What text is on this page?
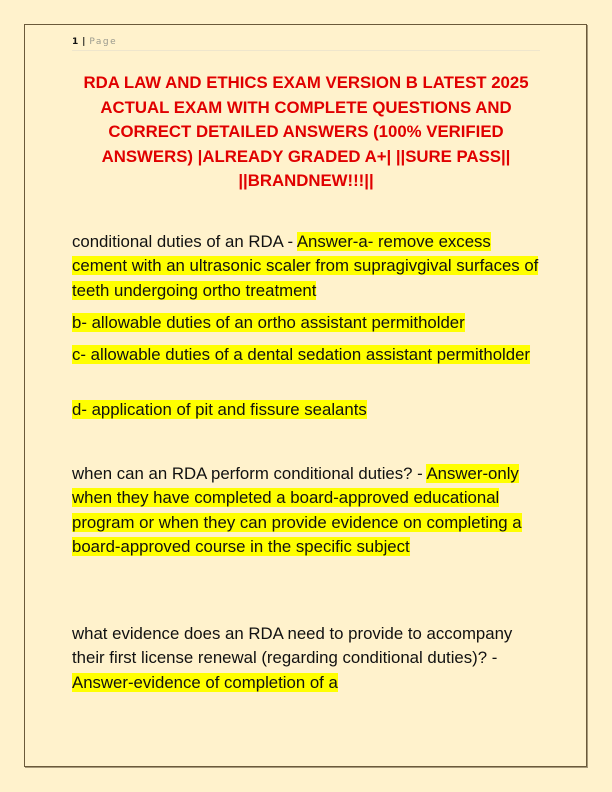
1 | Page
RDA LAW AND ETHICS EXAM VERSION B LATEST 2025 ACTUAL EXAM WITH COMPLETE QUESTIONS AND CORRECT DETAILED ANSWERS (100% VERIFIED ANSWERS) |ALREADY GRADED A+| ||SURE PASS|| ||BRANDNEW!!!||

conditional duties of an RDA - Answer-a- remove excess cement with an ultrasonic scaler from supragivgival surfaces of teeth undergoing ortho treatment

b- allowable duties of an ortho assistant permitholder

c- allowable duties of a dental sedation assistant permitholder

d- application of pit and fissure sealants

when can an RDA perform conditional duties? - Answer-only when they have completed a board-approved educational program or when they can provide evidence on completing a board-approved course in the specific subject

what evidence does an RDA need to provide to accompany their first license renewal (regarding conditional duties)? - Answer-evidence of completion of a
